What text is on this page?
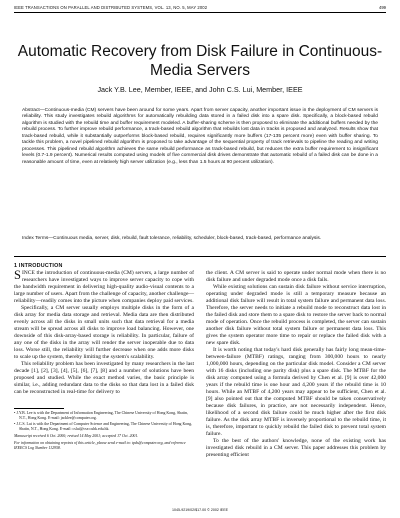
IEEE TRANSACTIONS ON PARALLEL AND DISTRIBUTED SYSTEMS, VOL. 13, NO. 5, MAY 2002	499
Automatic Recovery from Disk Failure in Continuous-Media Servers
Jack Y.B. Lee, Member, IEEE, and John C.S. Lui, Member, IEEE
Abstract—Continuous-media (CM) servers have been around for some years. Apart from server capacity, another important issue in the deployment of CM servers is reliability. This study investigates rebuild algorithms for automatically rebuilding data stored in a failed disk into a spare disk. Specifically, a block-based rebuild algorithm is studied with the rebuild time and buffer requirement modeled. A buffer-sharing scheme is then proposed to eliminate the additional buffers needed by the rebuild process. To further improve rebuild performance, a track-based rebuild algorithm that rebuilds lost data in tracks is proposed and analyzed. Results show that track-based rebuild, while it substantially outperforms block-based rebuild, requires significantly more buffers (17-135 percent more) even with buffer sharing. To tackle this problem, a novel pipelined rebuild algorithm is proposed to take advantage of the sequential property of track retrievals to pipeline the reading and writing processes. This pipelined rebuild algorithm achieves the same rebuild performance as track-based rebuild, but reduces the extra buffer requirement to insignificant levels (0.7-1.9 percent). Numerical results computed using models of five commercial disk drives demonstrate that automatic rebuild of a failed disk can be done in a reasonable amount of time, even at relatively high server utilization (e.g., less than 1.5 hours at 90 percent utilization).
Index Terms—Continuous media, server, disk, rebuild, fault tolerance, reliability, scheduler, block-based, track-based, performance analysis.
1 INTRODUCTION

SINCE the introduction of continuous-media (CM) servers, a large number of researchers have investigated ways to improve server capacity to cope with the bandwidth requirement in delivering high-quality audio-visual contents to a large number of users. Apart from the challenge of capacity, another challenge—reliability—readily comes into the picture when companies deploy paid services.

Specifically, a CM server usually employs multiple disks in the form of a disk array for media data storage and retrieval. Media data are then distributed evenly across all the disks in small units such that data retrieval for a media stream will be spread across all disks to improve load balancing. However, one downside of this disk-array-based storage is reliability. In particular, failure of any one of the disks in the array will render the server inoperable due to data loss. Worse still, the reliability will further decrease when one adds more disks to scale up the system, thereby limiting the system's scalability.

This reliability problem has been investigated by many researchers in the last decade [1], [2], [3], [4], [5], [6], [7], [8] and a number of solutions have been proposed and studied. While the exact method varies, the basic principle is similar, i.e., adding redundant data to the disks so that data lost in a failed disk can be reconstructed in real-time for delivery to

• J.Y.B. Lee is with the Department of Information Engineering, The Chinese University of Hong Kong, Shatin, N.T., Hong Kong. E-mail: jacklee@computer.org.

• J.C.S. Lui is with the Department of Computer Science and Engineering, The Chinese University of Hong Kong, Shatin, N.T., Hong Kong. E-mail: cslui@cse.cuhk.edu.hk.

Manuscript received 6 Oct. 2000; revised 14 May 2001; accepted 17 Oct. 2001.

For information on obtaining reprints of this article, please send e-mail to: tpds@computer.org, and reference IEEECS Log Number 112958.

the client. A CM server is said to operate under normal mode when there is no disk failure and under degraded mode once a disk fails.

While existing solutions can sustain disk failure without service interruption, operating under degraded mode is still a temporary measure because an additional disk failure will result in total system failure and permanent data loss. Therefore, the server needs to initiate a rebuild mode to reconstruct data lost in the failed disk and store them to a spare disk to restore the server back to normal mode of operation. Once the rebuild process is completed, the server can sustain another disk failure without total system failure or permanent data loss. This gives the system operator more time to repair or replace the failed disk with a new spare disk.

It is worth noting that today's hard disk generally has fairly long mean-time-between-failure (MTBF) ratings, ranging from 300,000 hours to nearly 1,000,000 hours, depending on the particular disk model. Consider a CM server with 16 disks (including one parity disk) plus a spare disk. The MTBF for the disk array computed using a formula derived by Chen et al. [9] is over 42,000 years if the rebuild time is one hour and 4,200 years if the rebuild time is 10 hours. While an MTBF of 4,200 years may appear to be sufficient, Chen et al. [9] also pointed out that the computed MTBF should be taken conservatively because disk failures, in practice, are not necessarily independent. Hence, likelihood of a second disk failure could be much higher after the first disk failure. As the disk array MTBF is inversely proportional to the rebuild time, it is, therefore, important to quickly rebuild the failed disk to prevent total system failure.

To the best of the authors' knowledge, none of the existing work has investigated disk rebuild in a CM server. This paper addresses this problem by presenting efficient

1045-9219/02/$17.00 © 2002 IEEE
